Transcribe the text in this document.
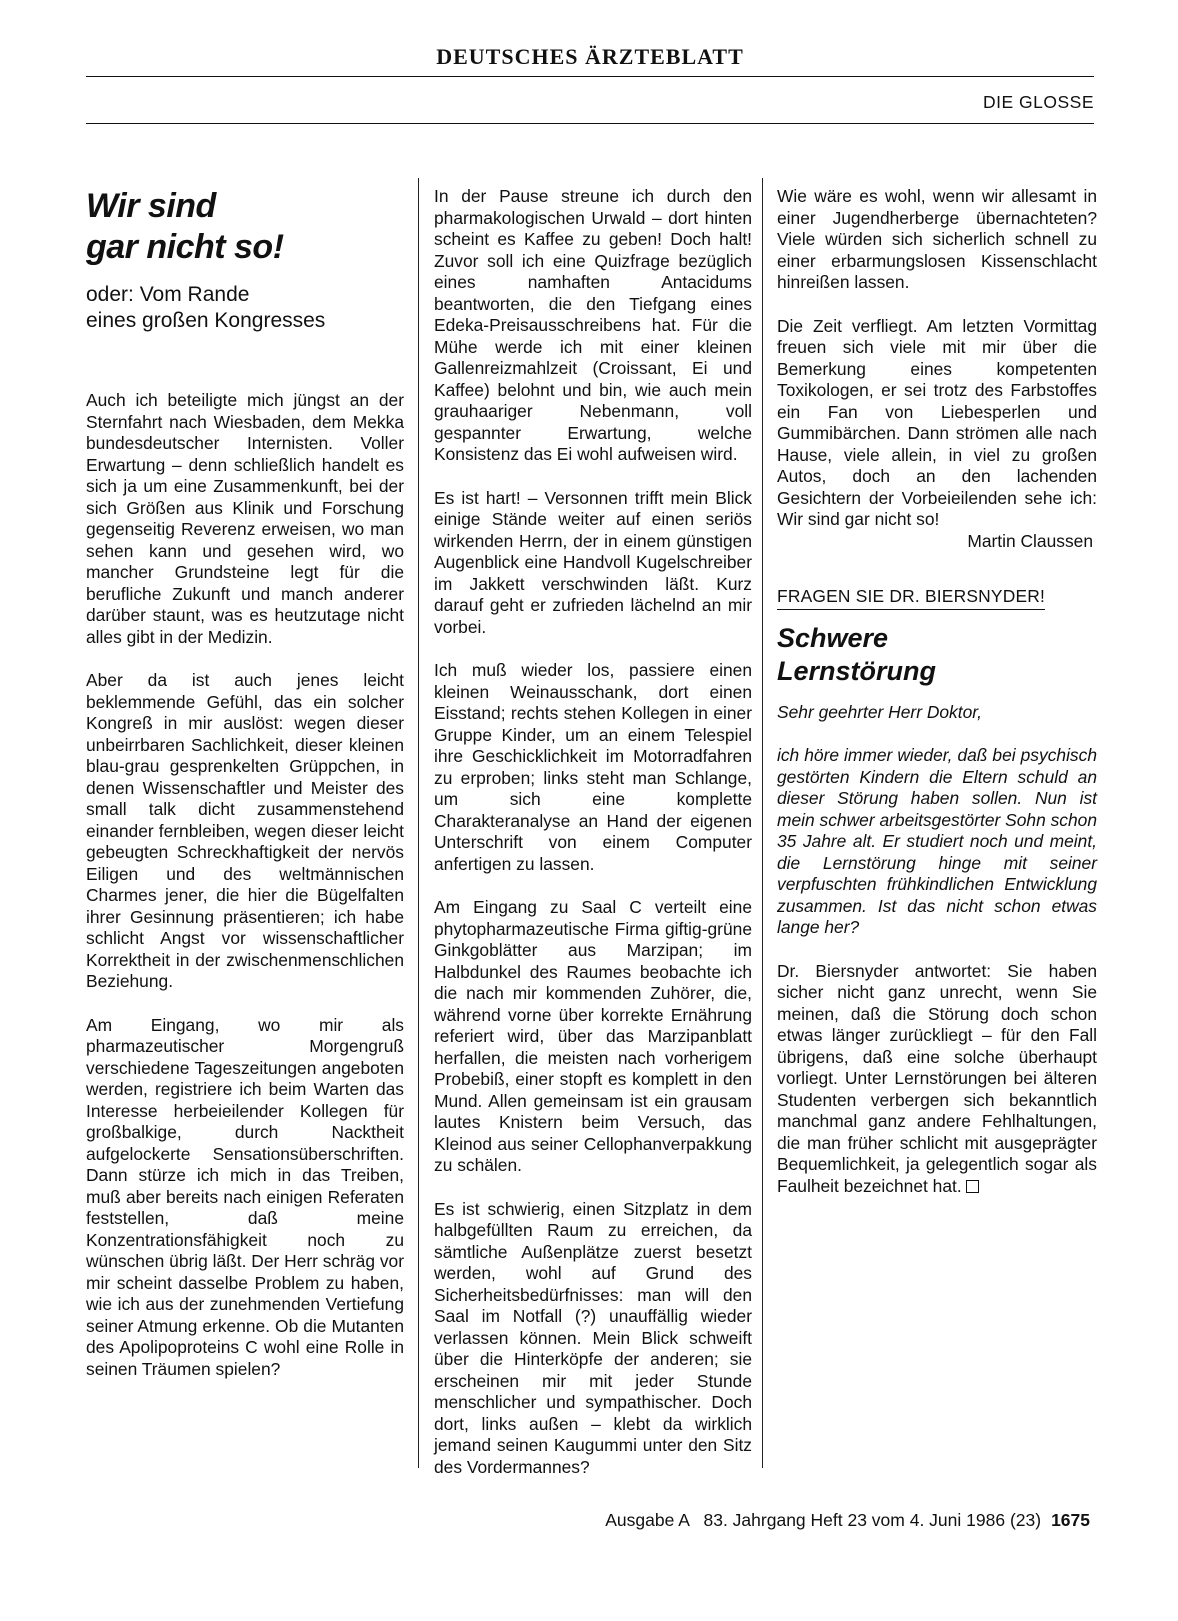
DEUTSCHES ÄRZTEBLATT
DIE GLOSSE
Wir sind
gar nicht so!
oder: Vom Rande
eines großen Kongresses

Auch ich beteiligte mich jüngst an der Sternfahrt nach Wiesbaden, dem Mekka bundesdeutscher Internisten. Voller Erwartung – denn schließlich handelt es sich ja um eine Zusammenkunft, bei der sich Größen aus Klinik und Forschung gegenseitig Reverenz erweisen, wo man sehen kann und gesehen wird, wo mancher Grundsteine legt für die berufliche Zukunft und manch anderer darüber staunt, was es heutzutage nicht alles gibt in der Medizin.

Aber da ist auch jenes leicht beklemmende Gefühl, das ein solcher Kongreß in mir auslöst: wegen dieser unbeirrbaren Sachlichkeit, dieser kleinen blau-grau gesprenkelten Grüppchen, in denen Wissenschaftler und Meister des small talk dicht zusammenstehend einander fernbleiben, wegen dieser leicht gebeugten Schreckhaftigkeit der nervös Eiligen und des weltmännischen Charmes jener, die hier die Bügelfalten ihrer Gesinnung präsentieren; ich habe schlicht Angst vor wissenschaftlicher Korrektheit in der zwischenmenschlichen Beziehung.

Am Eingang, wo mir als pharmazeutischer Morgengruß verschiedene Tageszeitungen angeboten werden, registriere ich beim Warten das Interesse herbeieilender Kollegen für großbalkige, durch Nacktheit aufgelockerte Sensationsüberschriften. Dann stürze ich mich in das Treiben, muß aber bereits nach einigen Referaten feststellen, daß meine Konzentrationsfähigkeit noch zu wünschen übrig läßt. Der Herr schräg vor mir scheint dasselbe Problem zu haben, wie ich aus der zunehmenden Vertiefung seiner Atmung erkenne. Ob die Mutanten des Apolipoproteins C wohl eine Rolle in seinen Träumen spielen?

In der Pause streune ich durch den pharmakologischen Urwald – dort hinten scheint es Kaffee zu geben! Doch halt! Zuvor soll ich eine Quizfrage bezüglich eines namhaften Antacidums beantworten, die den Tiefgang eines Edeka-Preisausschreibens hat. Für die Mühe werde ich mit einer kleinen Gallenreizmahlzeit (Croissant, Ei und Kaffee) belohnt und bin, wie auch mein grauhaariger Nebenmann, voll gespannter Erwartung, welche Konsistenz das Ei wohl aufweisen wird.

Es ist hart! – Versonnen trifft mein Blick einige Stände weiter auf einen seriös wirkenden Herrn, der in einem günstigen Augenblick eine Handvoll Kugelschreiber im Jakkett verschwinden läßt. Kurz darauf geht er zufrieden lächelnd an mir vorbei.

Ich muß wieder los, passiere einen kleinen Weinausschank, dort einen Eisstand; rechts stehen Kollegen in einer Gruppe Kinder, um an einem Telespiel ihre Geschicklichkeit im Motorradfahren zu erproben; links steht man Schlange, um sich eine komplette Charakteranalyse an Hand der eigenen Unterschrift von einem Computer anfertigen zu lassen.

Am Eingang zu Saal C verteilt eine phytopharmazeutische Firma giftig-grüne Ginkgoblätter aus Marzipan; im Halbdunkel des Raumes beobachte ich die nach mir kommenden Zuhörer, die, während vorne über korrekte Ernährung referiert wird, über das Marzipanblatt herfallen, die meisten nach vorherigem Probebiß, einer stopft es komplett in den Mund. Allen gemeinsam ist ein grausam lautes Knistern beim Versuch, das Kleinod aus seiner Cellophanverpakkung zu schälen.

Es ist schwierig, einen Sitzplatz in dem halbgefüllten Raum zu erreichen, da sämtliche Außenplätze zuerst besetzt werden, wohl auf Grund des Sicherheitsbedürfnisses: man will den Saal im Notfall (?) unauffällig wieder verlassen können. Mein Blick schweift über die Hinterköpfe der anderen; sie erscheinen mir mit jeder Stunde menschlicher und sympathischer. Doch dort, links außen – klebt da wirklich jemand seinen Kaugummi unter den Sitz des Vordermannes?

Wie wäre es wohl, wenn wir allesamt in einer Jugendherberge übernachteten? Viele würden sich sicherlich schnell zu einer erbarmungslosen Kissenschlacht hinreißen lassen.

Die Zeit verfliegt. Am letzten Vormittag freuen sich viele mit mir über die Bemerkung eines kompetenten Toxikologen, er sei trotz des Farbstoffes ein Fan von Liebesperlen und Gummibärchen. Dann strömen alle nach Hause, viele allein, in viel zu großen Autos, doch an den lachenden Gesichtern der Vorbeieilenden sehe ich: Wir sind gar nicht so!

Martin Claussen
FRAGEN SIE DR. BIERSNYDER!
Schwere
Lernstörung
Sehr geehrter Herr Doktor,

ich höre immer wieder, daß bei psychisch gestörten Kindern die Eltern schuld an dieser Störung haben sollen. Nun ist mein schwer arbeitsgestörter Sohn schon 35 Jahre alt. Er studiert noch und meint, die Lernstörung hinge mit seiner verpfuschten frühkindlichen Entwicklung zusammen. Ist das nicht schon etwas lange her?

Dr. Biersnyder antwortet: Sie haben sicher nicht ganz unrecht, wenn Sie meinen, daß die Störung doch schon etwas länger zurückliegt – für den Fall übrigens, daß eine solche überhaupt vorliegt. Unter Lernstörungen bei älteren Studenten verbergen sich bekanntlich manchmal ganz andere Fehlhaltungen, die man früher schlicht mit ausgeprägter Bequemlichkeit, ja gelegentlich sogar als Faulheit bezeichnet hat.

Ausgabe A   83. Jahrgang Heft 23 vom 4. Juni 1986 (23) 1675
